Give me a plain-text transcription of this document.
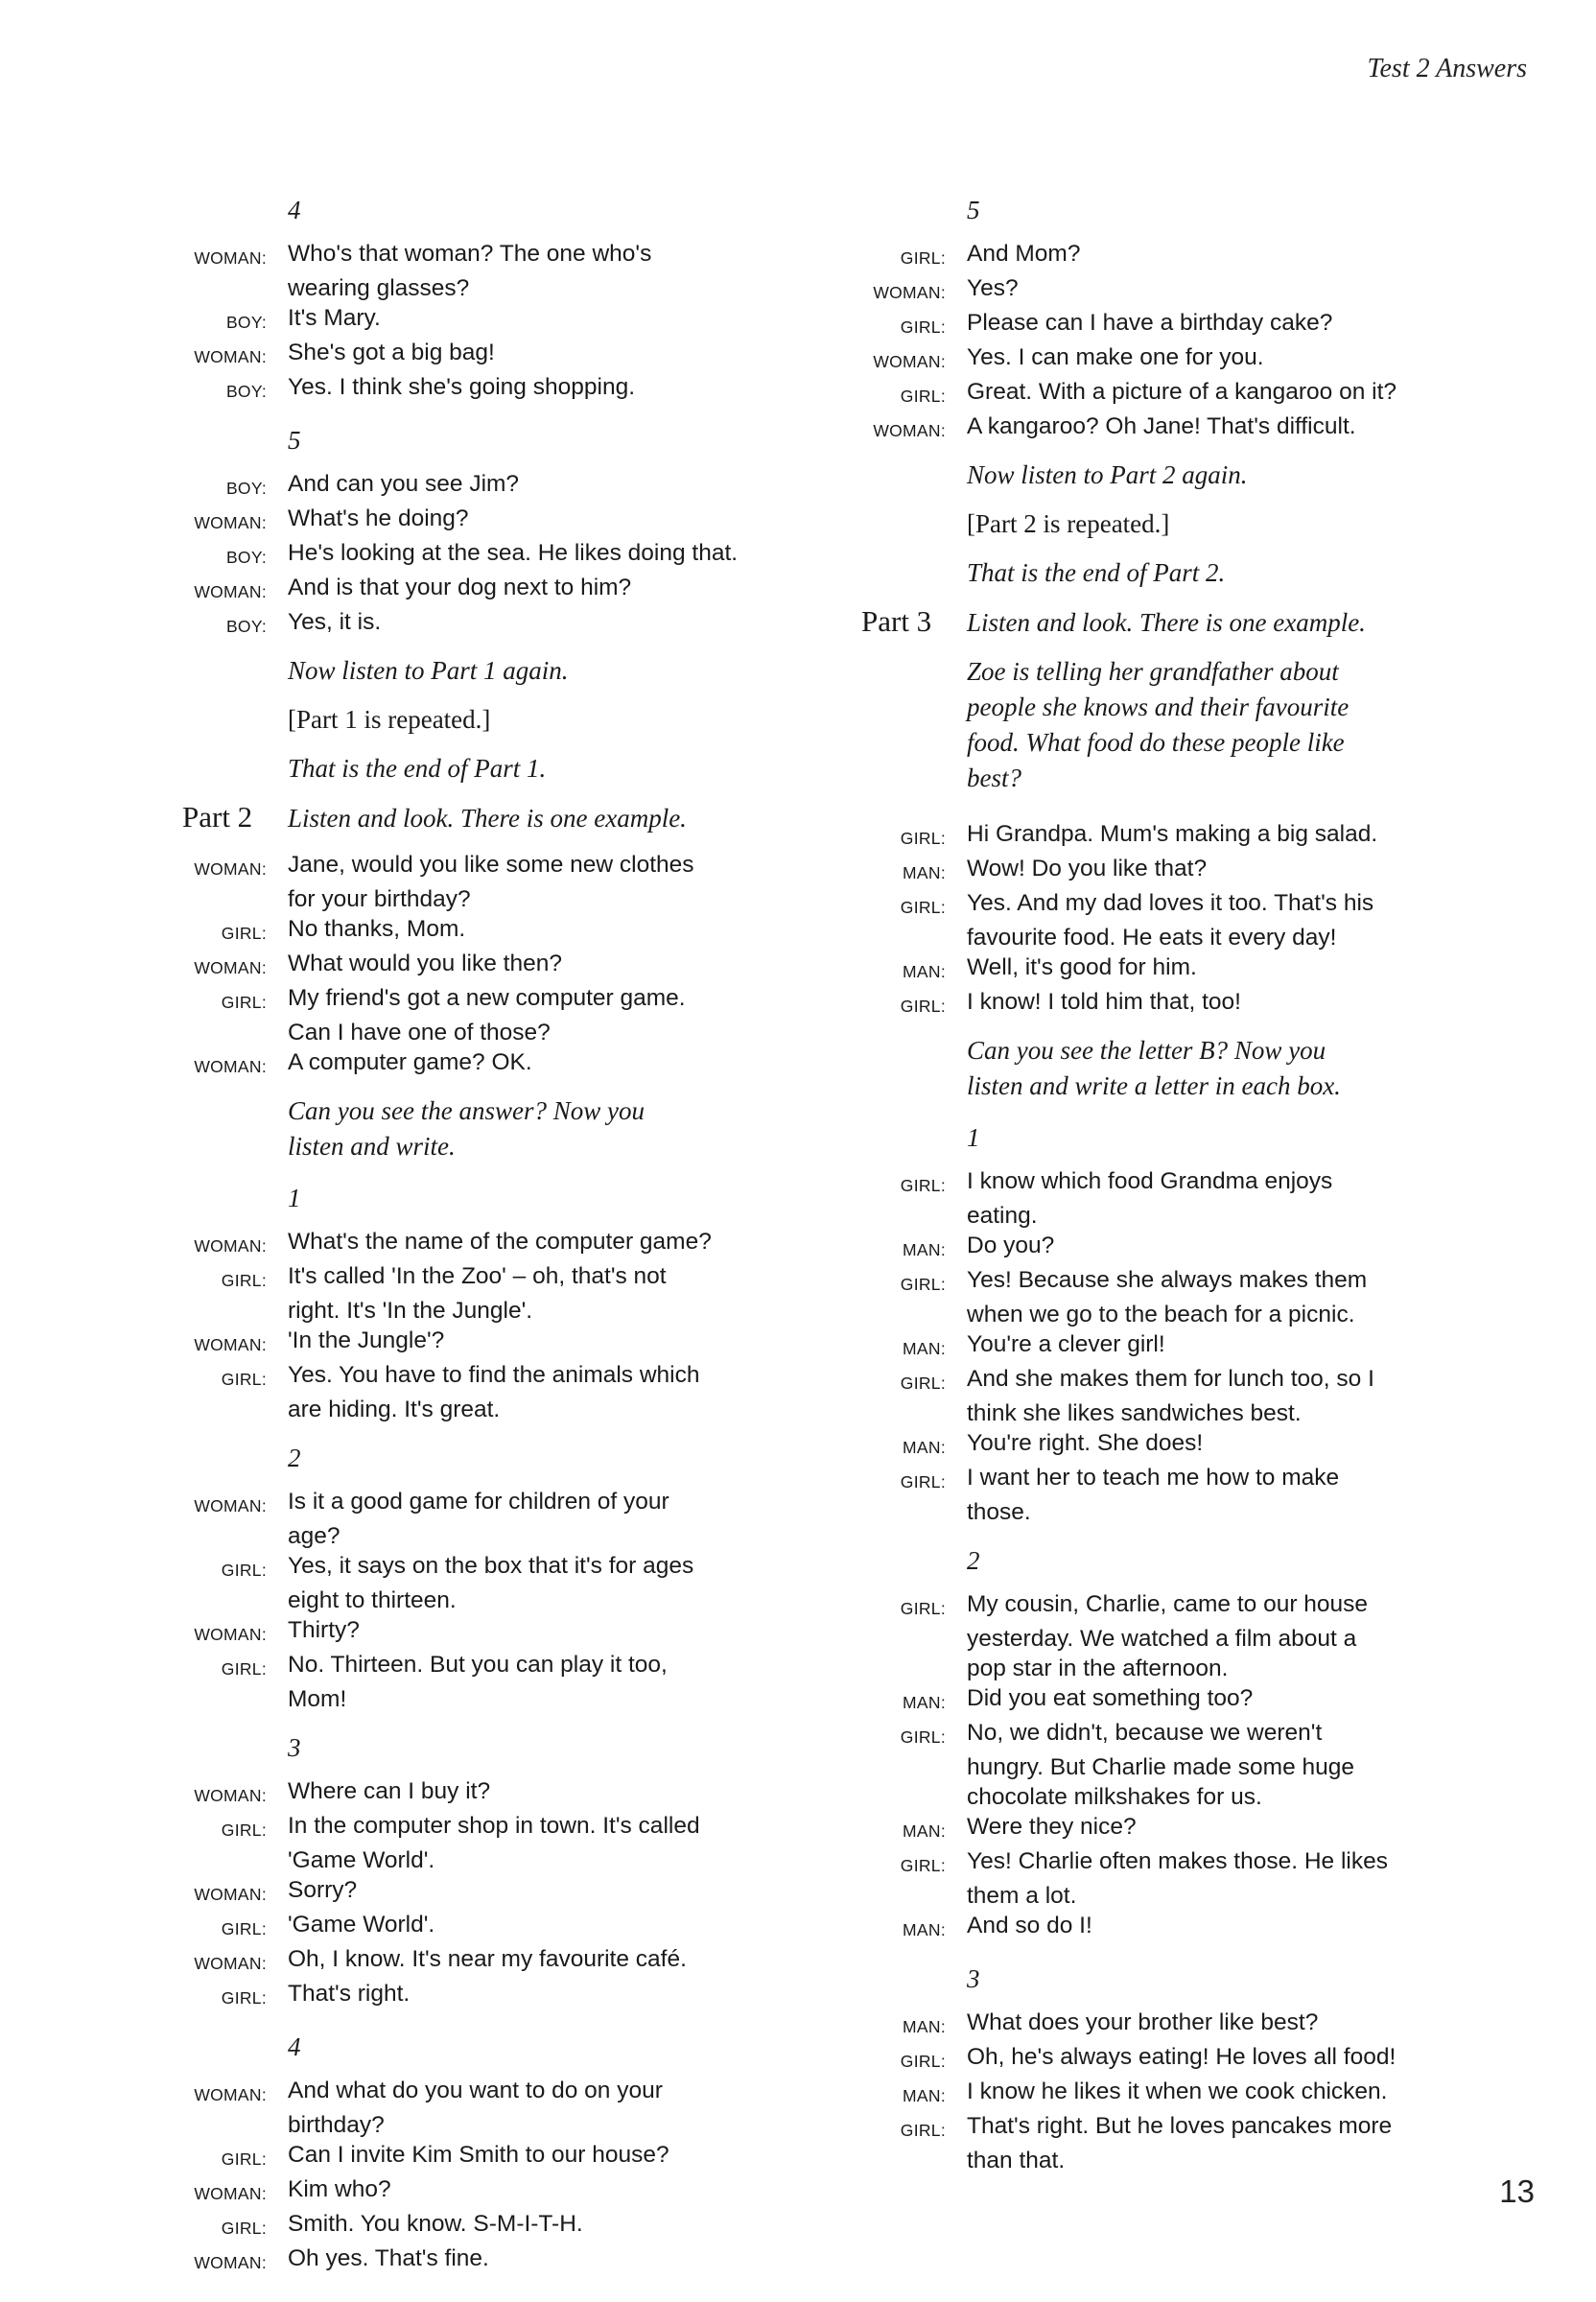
Test 2 Answers
4
WOMAN: Who's that woman? The one who's
wearing glasses?
BOY: It's Mary.
WOMAN: She's got a big bag!
BOY: Yes. I think she's going shopping.
5
BOY: And can you see Jim?
WOMAN: What's he doing?
BOY: He's looking at the sea. He likes doing that.
WOMAN: And is that your dog next to him?
BOY: Yes, it is.
Now listen to Part 1 again.
[Part 1 is repeated.]
That is the end of Part 1.
Part 2	Listen and look. There is one example.
WOMAN: Jane, would you like some new clothes
for your birthday?
GIRL: No thanks, Mom.
WOMAN: What would you like then?
GIRL: My friend's got a new computer game.
Can I have one of those?
WOMAN: A computer game? OK.
Can you see the answer? Now you
listen and write.
1
WOMAN: What's the name of the computer game?
GIRL: It's called 'In the Zoo' – oh, that's not
right. It's 'In the Jungle'.
WOMAN: 'In the Jungle'?
GIRL: Yes. You have to find the animals which
are hiding. It's great.
2
WOMAN: Is it a good game for children of your
age?
GIRL: Yes, it says on the box that it's for ages
eight to thirteen.
WOMAN: Thirty?
GIRL: No. Thirteen. But you can play it too,
Mom!
3
WOMAN: Where can I buy it?
GIRL: In the computer shop in town. It's called
'Game World'.
WOMAN: Sorry?
GIRL: 'Game World'.
WOMAN: Oh, I know. It's near my favourite café.
GIRL: That's right.
4
WOMAN: And what do you want to do on your
birthday?
GIRL: Can I invite Kim Smith to our house?
WOMAN: Kim who?
GIRL: Smith. You know. S-M-I-T-H.
WOMAN: Oh yes. That's fine.
5
GIRL: And Mom?
WOMAN: Yes?
GIRL: Please can I have a birthday cake?
WOMAN: Yes. I can make one for you.
GIRL: Great. With a picture of a kangaroo on it?
WOMAN: A kangaroo? Oh Jane! That's difficult.
Now listen to Part 2 again.
[Part 2 is repeated.]
That is the end of Part 2.
Part 3	Listen and look. There is one example.
Zoe is telling her grandfather about
people she knows and their favourite
food. What food do these people like
best?
GIRL: Hi Grandpa. Mum's making a big salad.
MAN: Wow! Do you like that?
GIRL: Yes. And my dad loves it too. That's his
favourite food. He eats it every day!
MAN: Well, it's good for him.
GIRL: I know! I told him that, too!
Can you see the letter B? Now you
listen and write a letter in each box.
1
GIRL: I know which food Grandma enjoys
eating.
MAN: Do you?
GIRL: Yes! Because she always makes them
when we go to the beach for a picnic.
MAN: You're a clever girl!
GIRL: And she makes them for lunch too, so I
think she likes sandwiches best.
MAN: You're right. She does!
GIRL: I want her to teach me how to make
those.
2
GIRL: My cousin, Charlie, came to our house
yesterday. We watched a film about a
pop star in the afternoon.
MAN: Did you eat something too?
GIRL: No, we didn't, because we weren't
hungry. But Charlie made some huge
chocolate milkshakes for us.
MAN: Were they nice?
GIRL: Yes! Charlie often makes those. He likes
them a lot.
MAN: And so do I!
3
MAN: What does your brother like best?
GIRL: Oh, he's always eating! He loves all food!
MAN: I know he likes it when we cook chicken.
GIRL: That's right. But he loves pancakes more
than that.
13
